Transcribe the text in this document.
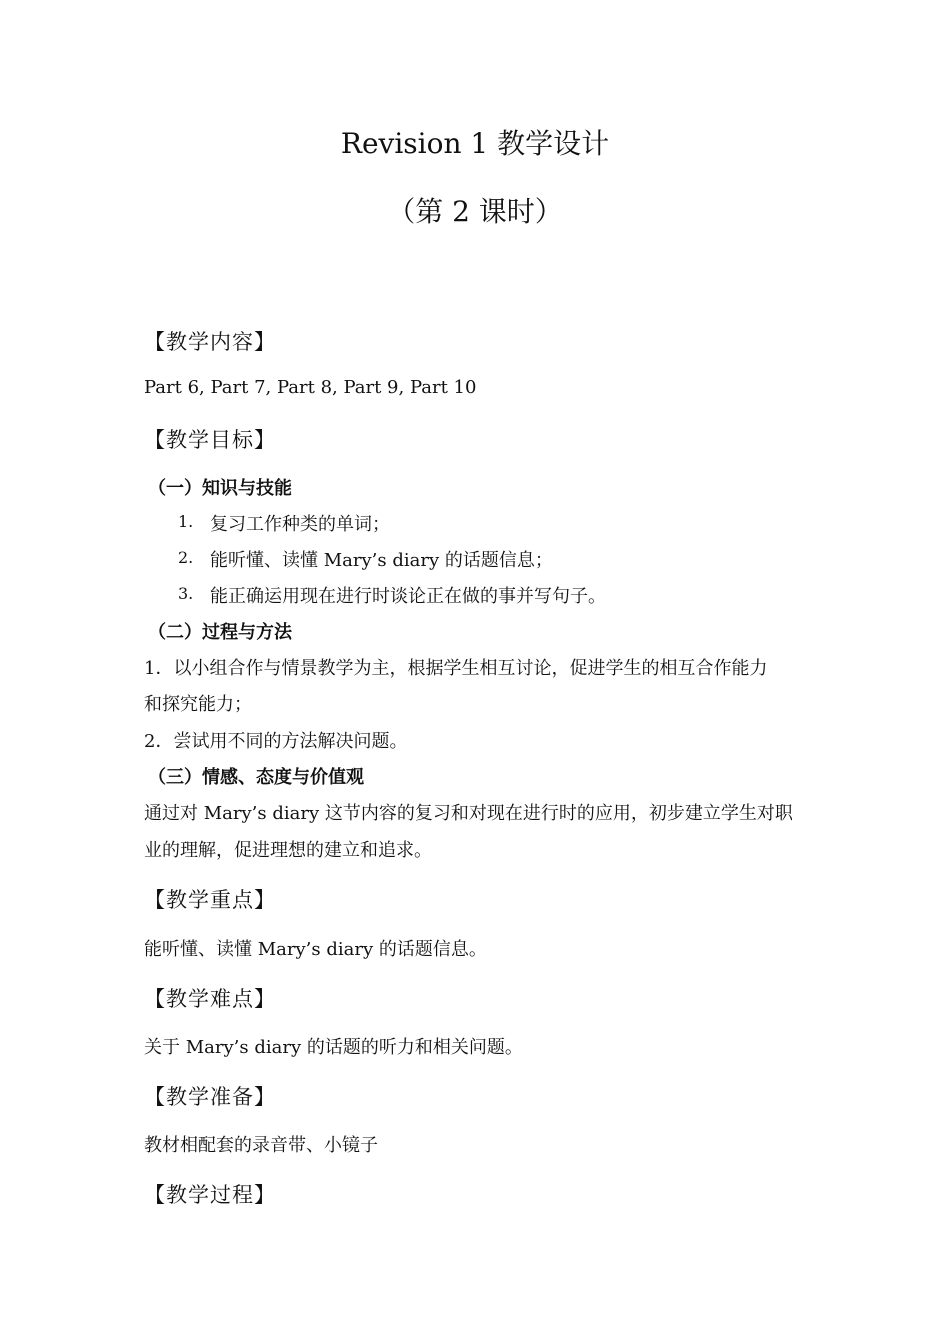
Revision 1 教学设计
（第 2 课时）
【教学内容】
Part 6, Part 7, Part 8, Part 9, Part 10
【教学目标】
（一）知识与技能
1. 复习工作种类的单词；
2. 能听懂、读懂 Mary’s diary 的话题信息；
3. 能正确运用现在进行时谈论正在做的事并写句子。
（二）过程与方法
1．以小组合作与情景教学为主，根据学生相互讨论，促进学生的相互合作能力
和探究能力；
2．尝试用不同的方法解决问题。
（三）情感、态度与价值观
通过对 Mary’s diary 这节内容的复习和对现在进行时的应用，初步建立学生对职
业的理解，促进理想的建立和追求。
【教学重点】
能听懂、读懂 Mary’s diary 的话题信息。
【教学难点】
关于 Mary’s diary 的话题的听力和相关问题。
【教学准备】
教材相配套的录音带、小镜子
【教学过程】
